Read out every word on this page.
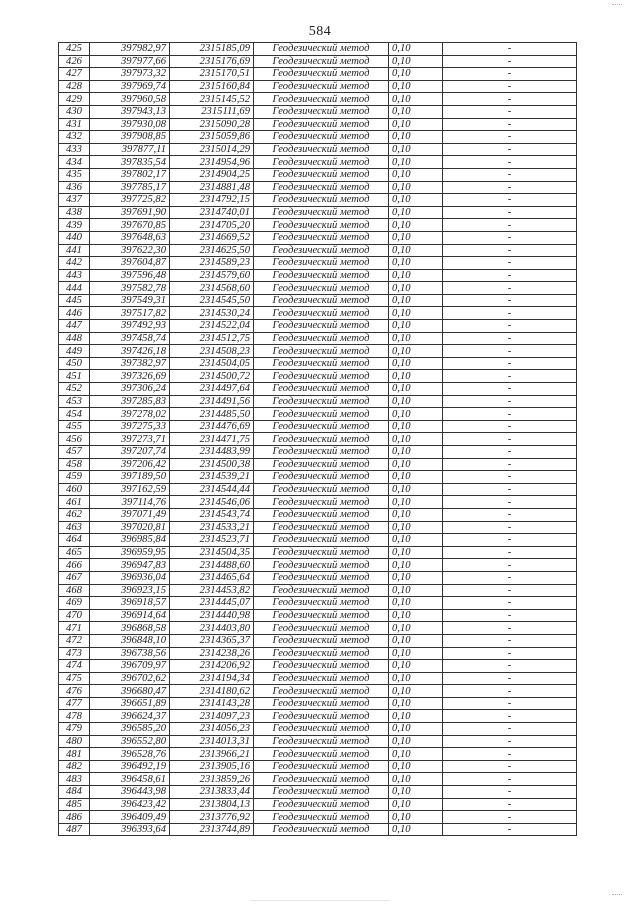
584
425	397982,97	2315185,09	Геодезический метод	0,10	-
426	397977,66	2315176,69	Геодезический метод	0,10	-
427	397973,32	2315170,51	Геодезический метод	0,10	-
428	397969,74	2315160,84	Геодезический метод	0,10	-
429	397960,58	2315145,52	Геодезический метод	0,10	-
430	397943,13	2315111,69	Геодезический метод	0,10	-
431	397930,08	2315090,28	Геодезический метод	0,10	-
432	397908,85	2315059,86	Геодезический метод	0,10	-
433	397877,11	2315014,29	Геодезический метод	0,10	-
434	397835,54	2314954,96	Геодезический метод	0,10	-
435	397802,17	2314904,25	Геодезический метод	0,10	-
436	397785,17	2314881,48	Геодезический метод	0,10	-
437	397725,82	2314792,15	Геодезический метод	0,10	-
438	397691,90	2314740,01	Геодезический метод	0,10	-
439	397670,85	2314705,20	Геодезический метод	0,10	-
440	397648,63	2314669,52	Геодезический метод	0,10	-
441	397622,30	2314625,50	Геодезический метод	0,10	-
442	397604,87	2314589,23	Геодезический метод	0,10	-
443	397596,48	2314579,60	Геодезический метод	0,10	-
444	397582,78	2314568,60	Геодезический метод	0,10	-
445	397549,31	2314545,50	Геодезический метод	0,10	-
446	397517,82	2314530,24	Геодезический метод	0,10	-
447	397492,93	2314522,04	Геодезический метод	0,10	-
448	397458,74	2314512,75	Геодезический метод	0,10	-
449	397426,18	2314508,23	Геодезический метод	0,10	-
450	397382,97	2314504,05	Геодезический метод	0,10	-
451	397326,69	2314500,72	Геодезический метод	0,10	-
452	397306,24	2314497,64	Геодезический метод	0,10	-
453	397285,83	2314491,56	Геодезический метод	0,10	-
454	397278,02	2314485,50	Геодезический метод	0,10	-
455	397275,33	2314476,69	Геодезический метод	0,10	-
456	397273,71	2314471,75	Геодезический метод	0,10	-
457	397207,74	2314483,99	Геодезический метод	0,10	-
458	397206,42	2314500,38	Геодезический метод	0,10	-
459	397189,50	2314539,21	Геодезический метод	0,10	-
460	397162,59	2314544,44	Геодезический метод	0,10	-
461	397114,76	2314546,06	Геодезический метод	0,10	-
462	397071,49	2314543,74	Геодезический метод	0,10	-
463	397020,81	2314533,21	Геодезический метод	0,10	-
464	396985,84	2314523,71	Геодезический метод	0,10	-
465	396959,95	2314504,35	Геодезический метод	0,10	-
466	396947,83	2314488,60	Геодезический метод	0,10	-
467	396936,04	2314465,64	Геодезический метод	0,10	-
468	396923,15	2314453,82	Геодезический метод	0,10	-
469	396918,57	2314445,07	Геодезический метод	0,10	-
470	396914,64	2314440,98	Геодезический метод	0,10	-
471	396868,58	2314403,80	Геодезический метод	0,10	-
472	396848,10	2314365,37	Геодезический метод	0,10	-
473	396738,56	2314238,26	Геодезический метод	0,10	-
474	396709,97	2314206,92	Геодезический метод	0,10	-
475	396702,62	2314194,34	Геодезический метод	0,10	-
476	396680,47	2314180,62	Геодезический метод	0,10	-
477	396651,89	2314143,28	Геодезический метод	0,10	-
478	396624,37	2314097,23	Геодезический метод	0,10	-
479	396585,20	2314056,23	Геодезический метод	0,10	-
480	396552,80	2314013,31	Геодезический метод	0,10	-
481	396528,76	2313966,21	Геодезический метод	0,10	-
482	396492,19	2313905,16	Геодезический метод	0,10	-
483	396458,61	2313859,26	Геодезический метод	0,10	-
484	396443,98	2313833,44	Геодезический метод	0,10	-
485	396423,42	2313804,13	Геодезический метод	0,10	-
486	396409,49	2313776,92	Геодезический метод	0,10	-
487	396393,64	2313744,89	Геодезический метод	0,10	-
